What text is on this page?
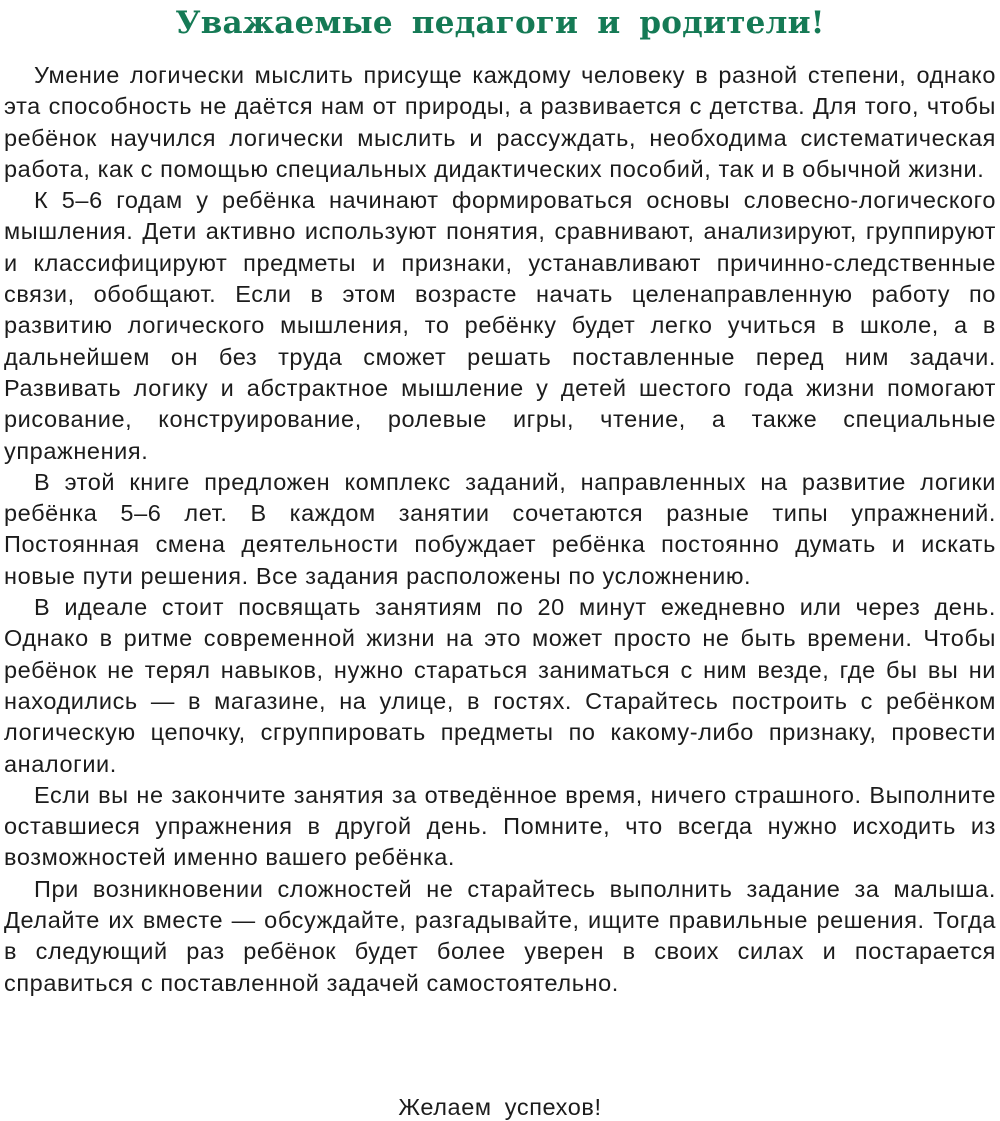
Уважаемые педагоги и родители!

Умение логически мыслить присуще каждому человеку в разной степени, однако эта способность не даётся нам от природы, а развивается с детства. Для того, чтобы ребёнок научился логически мыслить и рассуждать, необходима систематическая работа, как с помощью специальных дидактических пособий, так и в обычной жизни.

К 5–6 годам у ребёнка начинают формироваться основы словесно-логического мышления. Дети активно используют понятия, сравнивают, анализируют, группируют и классифицируют предметы и признаки, устанавливают причинно-следственные связи, обобщают. Если в этом возрасте начать целенаправленную работу по развитию логического мышления, то ребёнку будет легко учиться в школе, а в дальнейшем он без труда сможет решать поставленные перед ним задачи. Развивать логику и абстрактное мышление у детей шестого года жизни помогают рисование, конструирование, ролевые игры, чтение, а также специальные упражнения.

В этой книге предложен комплекс заданий, направленных на развитие логики ребёнка 5–6 лет. В каждом занятии сочетаются разные типы упражнений. Постоянная смена деятельности побуждает ребёнка постоянно думать и искать новые пути решения. Все задания расположены по усложнению.

В идеале стоит посвящать занятиям по 20 минут ежедневно или через день. Однако в ритме современной жизни на это может просто не быть времени. Чтобы ребёнок не терял навыков, нужно стараться заниматься с ним везде, где бы вы ни находились — в магазине, на улице, в гостях. Старайтесь построить с ребёнком логическую цепочку, сгруппировать предметы по какому-либо признаку, провести аналогии.

Если вы не закончите занятия за отведённое время, ничего страшного. Выполните оставшиеся упражнения в другой день. Помните, что всегда нужно исходить из возможностей именно вашего ребёнка.

При возникновении сложностей не старайтесь выполнить задание за малыша. Делайте их вместе — обсуждайте, разгадывайте, ищите правильные решения. Тогда в следующий раз ребёнок будет более уверен в своих силах и постарается справиться с поставленной задачей самостоятельно.

Желаем успехов!
